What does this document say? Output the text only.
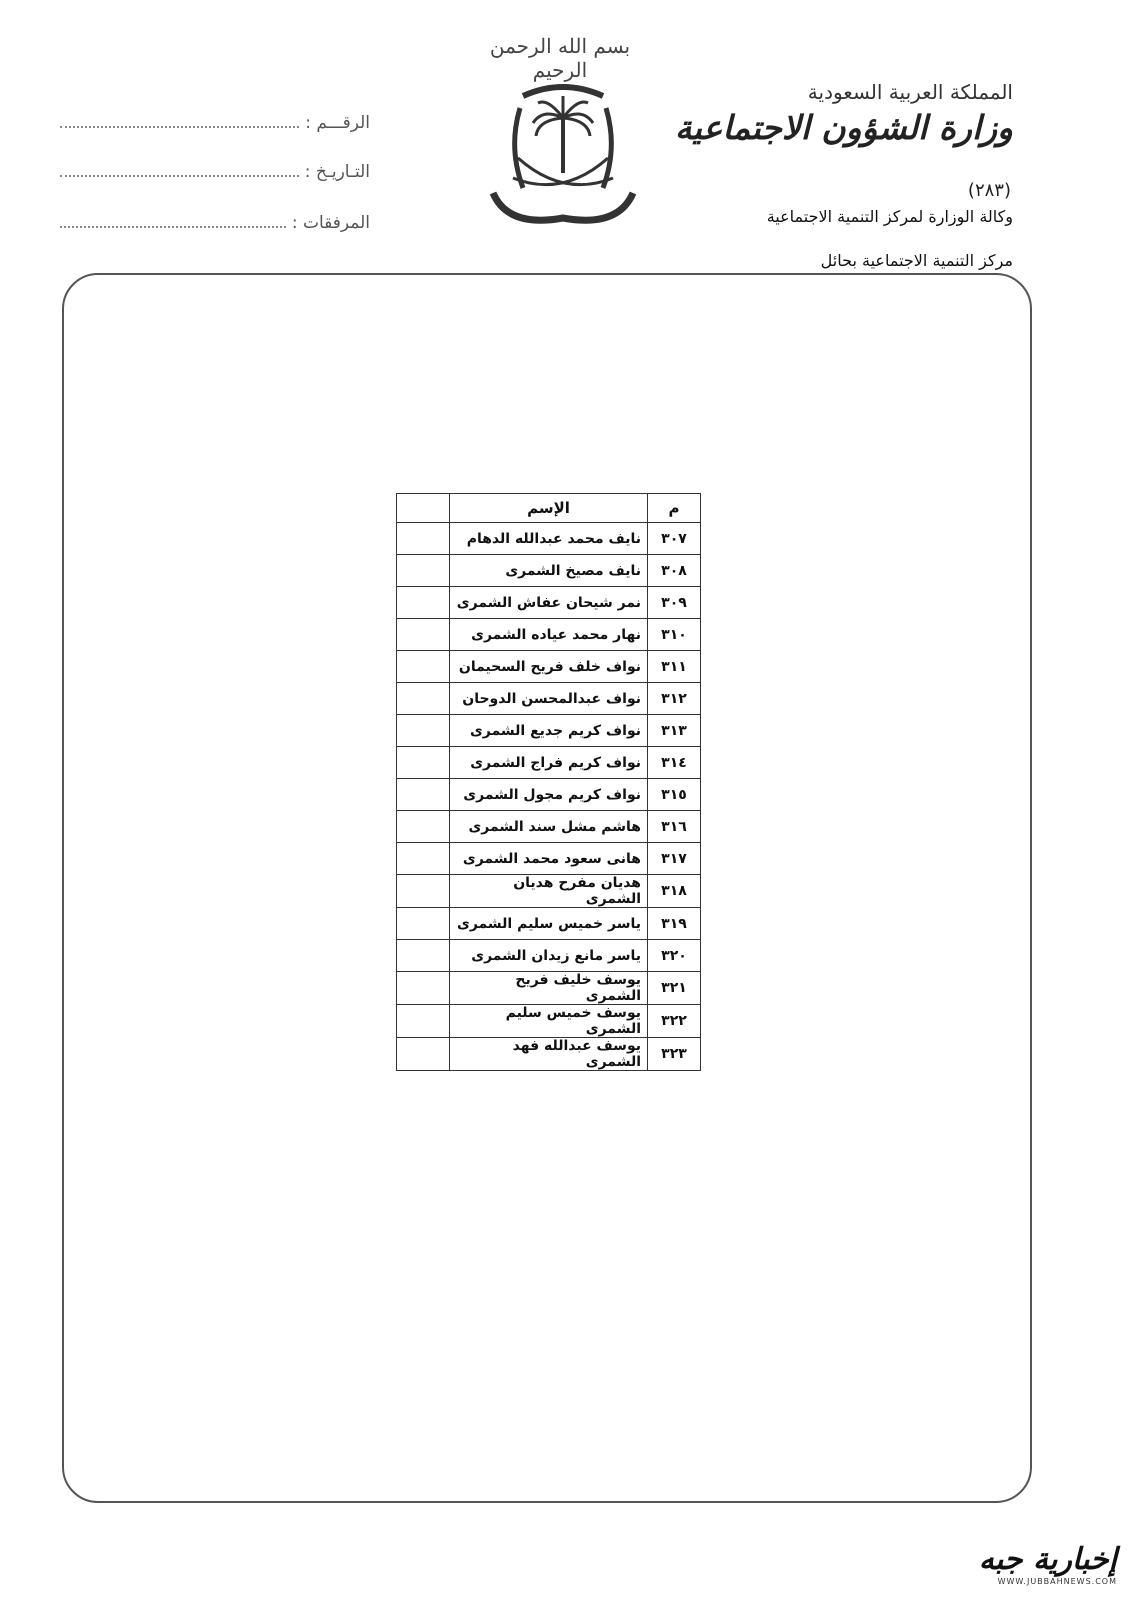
بسم الله الرحمن الرحيم
المملكة العربية السعودية
وزارة الشؤون الاجتماعية
(٢٨٣)
وكالة الوزارة لمركز التنمية الاجتماعية
مركز التنمية الاجتماعية بحائل
الرقـــم :
التـاريـخ :
المرفقات :
م	الإسم	
٣٠٧	نايف محمد عبدالله الدهام	
٣٠٨	نايف مصيخ الشمرى	
٣٠٩	نمر شيحان عفاش الشمرى	
٣١٠	نهار محمد عياده الشمرى	
٣١١	نواف خلف فريح السحيمان	
٣١٢	نواف عبدالمحسن الدوحان	
٣١٣	نواف كريم جديع الشمرى	
٣١٤	نواف كريم فراج الشمرى	
٣١٥	نواف كريم مجول الشمرى	
٣١٦	هاشم مشل سند الشمرى	
٣١٧	هانى سعود محمد الشمرى	
٣١٨	هديان مفرح هديان الشمرى	
٣١٩	ياسر خميس سليم الشمرى	
٣٢٠	ياسر مانع زيدان الشمرى	
٣٢١	يوسف خليف فريح الشمرى	
٣٢٢	يوسف خميس سليم الشمرى	
٣٢٣	يوسف عبدالله فهد الشمرى	
إخبارية جبه
WWW.JUBBAHNEWS.COM
